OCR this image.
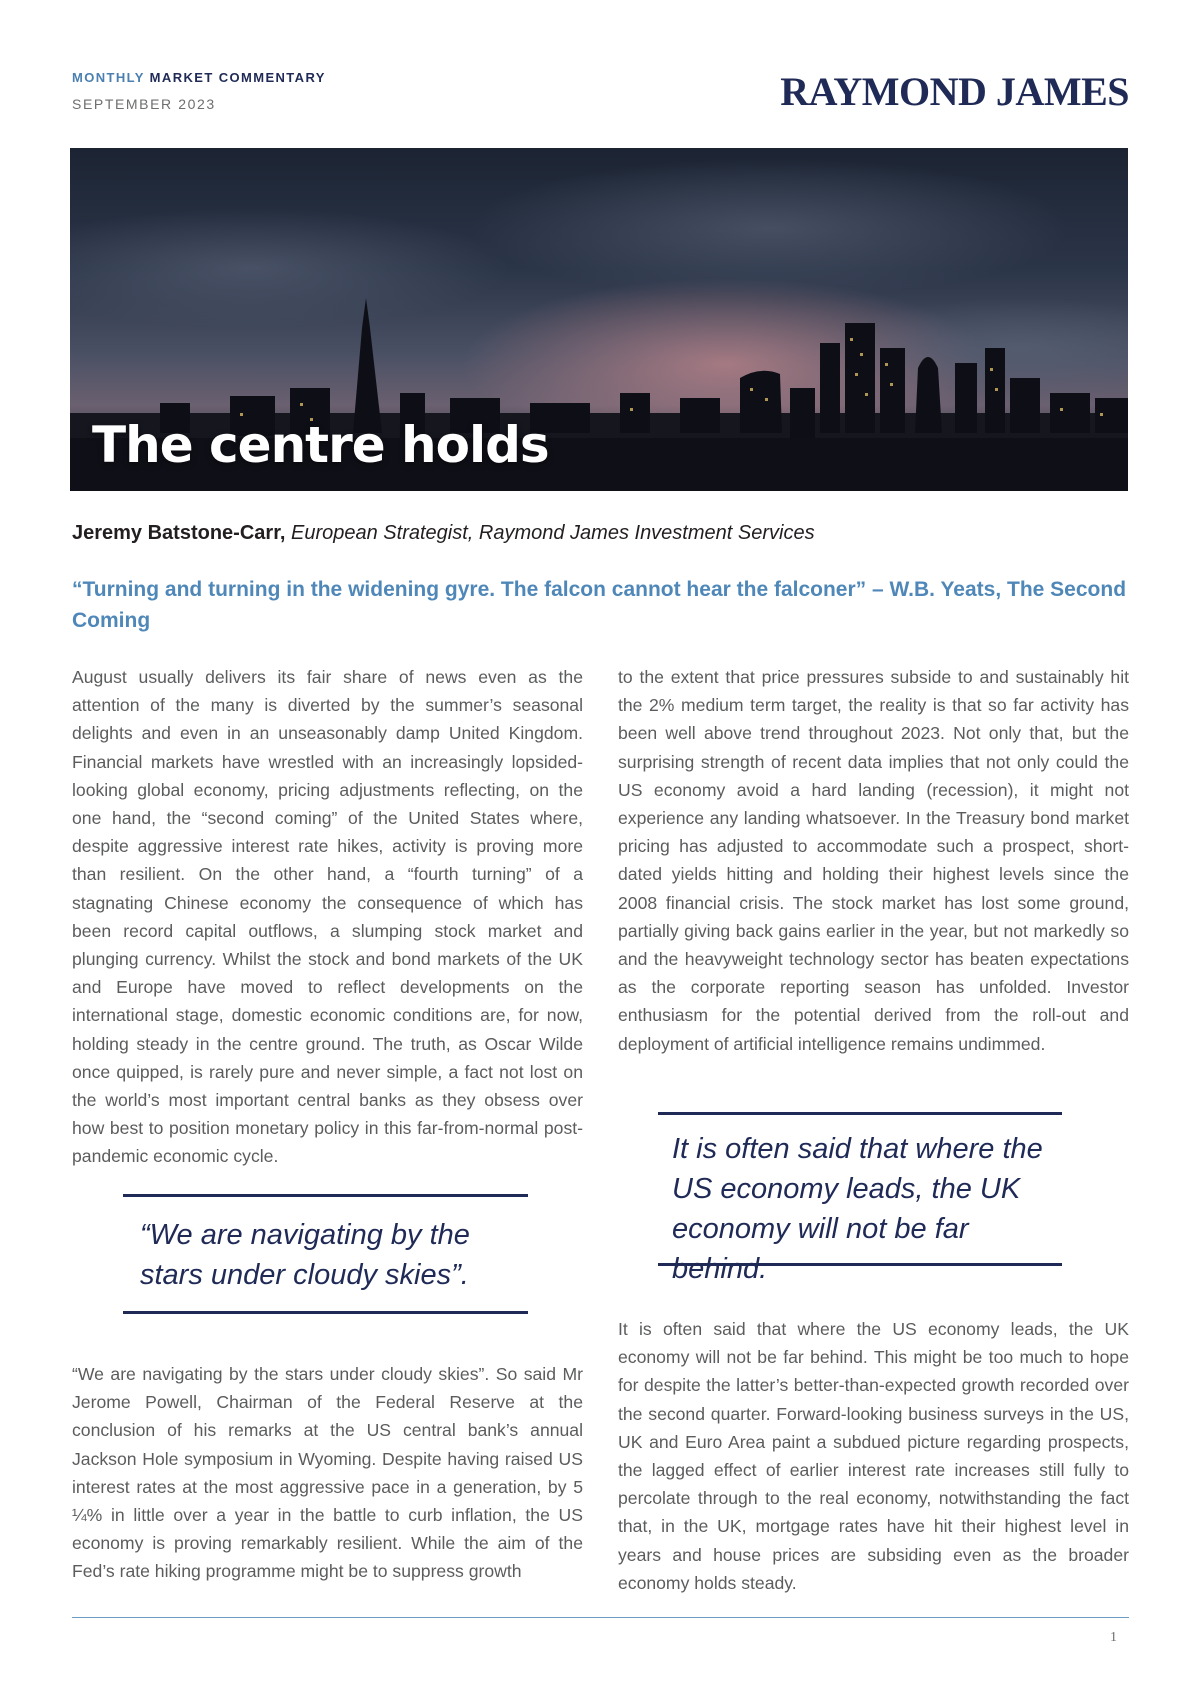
MONTHLY MARKET COMMENTARY
SEPTEMBER 2023	RAYMOND JAMES
The centre holds
Jeremy Batstone-Carr, European Strategist, Raymond James Investment Services
“Turning and turning in the widening gyre. The falcon cannot hear the falconer” – W.B. Yeats, The Second Coming

August usually delivers its fair share of news even as the attention of the many is diverted by the summer’s seasonal delights and even in an unseasonably damp United Kingdom. Financial markets have wrestled with an increasingly lopsided-looking global economy, pricing adjustments reflecting, on the one hand, the “second coming” of the United States where, despite aggressive interest rate hikes, activity is proving more than resilient. On the other hand, a “fourth turning” of a stagnating Chinese economy the consequence of which has been record capital outflows, a slumping stock market and plunging currency. Whilst the stock and bond markets of the UK and Europe have moved to reflect developments on the international stage, domestic economic conditions are, for now, holding steady in the centre ground. The truth, as Oscar Wilde once quipped, is rarely pure and never simple, a fact not lost on the world’s most important central banks as they obsess over how best to position monetary policy in this far-from-normal post-pandemic economic cycle.

“We are navigating by the stars under cloudy skies”.

“We are navigating by the stars under cloudy skies”. So said Mr Jerome Powell, Chairman of the Federal Reserve at the conclusion of his remarks at the US central bank’s annual Jackson Hole symposium in Wyoming. Despite having raised US interest rates at the most aggressive pace in a generation, by 5 ¼% in little over a year in the battle to curb inflation, the US economy is proving remarkably resilient. While the aim of the Fed’s rate hiking programme might be to suppress growth

to the extent that price pressures subside to and sustainably hit the 2% medium term target, the reality is that so far activity has been well above trend throughout 2023. Not only that, but the surprising strength of recent data implies that not only could the US economy avoid a hard landing (recession), it might not experience any landing whatsoever. In the Treasury bond market pricing has adjusted to accommodate such a prospect, short-dated yields hitting and holding their highest levels since the 2008 financial crisis. The stock market has lost some ground, partially giving back gains earlier in the year, but not markedly so and the heavyweight technology sector has beaten expectations as the corporate reporting season has unfolded. Investor enthusiasm for the potential derived from the roll-out and deployment of artificial intelligence remains undimmed.

It is often said that where the US economy leads, the UK economy will not be far behind.

It is often said that where the US economy leads, the UK economy will not be far behind. This might be too much to hope for despite the latter’s better-than-expected growth recorded over the second quarter. Forward-looking business surveys in the US, UK and Euro Area paint a subdued picture regarding prospects, the lagged effect of earlier interest rate increases still fully to percolate through to the real economy, notwithstanding the fact that, in the UK, mortgage rates have hit their highest level in years and house prices are subsiding even as the broader economy holds steady.

1
